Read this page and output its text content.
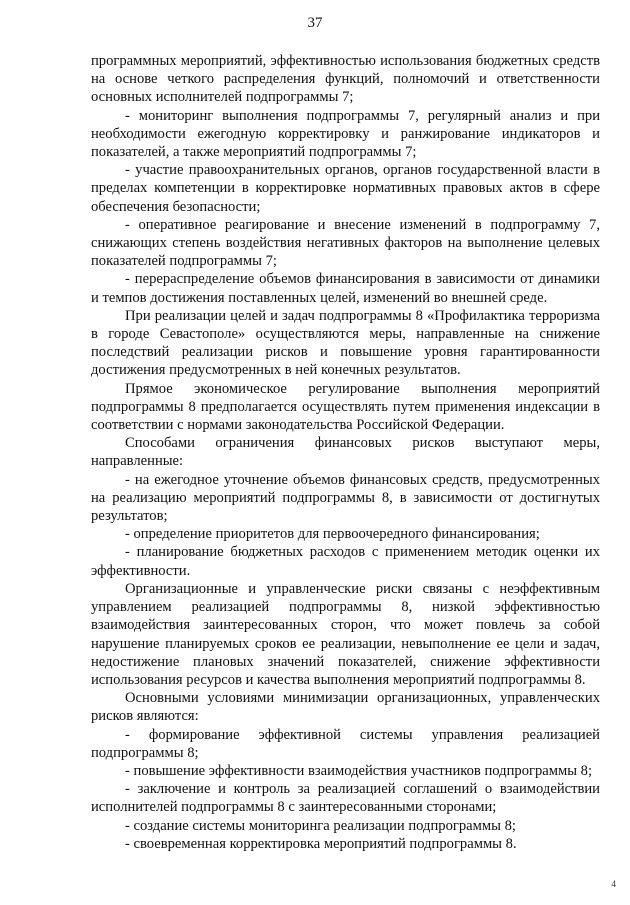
37

программных мероприятий, эффективностью использования бюджетных средств на основе четкого распределения функций, полномочий и ответственности основных исполнителей подпрограммы 7;

- мониторинг выполнения подпрограммы 7, регулярный анализ и при необходимости ежегодную корректировку и ранжирование индикаторов и показателей, а также мероприятий подпрограммы 7;

- участие правоохранительных органов, органов государственной власти в пределах компетенции в корректировке нормативных правовых актов в сфере обеспечения безопасности;

- оперативное реагирование и внесение изменений в подпрограмму 7, снижающих степень воздействия негативных факторов на выполнение целевых показателей подпрограммы 7;

- перераспределение объемов финансирования в зависимости от динамики и темпов достижения поставленных целей, изменений во внешней среде.

При реализации целей и задач подпрограммы 8 «Профилактика терроризма в городе Севастополе» осуществляются меры, направленные на снижение последствий реализации рисков и повышение уровня гарантированности достижения предусмотренных в ней конечных результатов.

Прямое экономическое регулирование выполнения мероприятий подпрограммы 8 предполагается осуществлять путем применения индексации в соответствии с нормами законодательства Российской Федерации.

Способами ограничения финансовых рисков выступают меры, направленные:

- на ежегодное уточнение объемов финансовых средств, предусмотренных на реализацию мероприятий подпрограммы 8, в зависимости от достигнутых результатов;

- определение приоритетов для первоочередного финансирования;

- планирование бюджетных расходов с применением методик оценки их эффективности.

Организационные и управленческие риски связаны с неэффективным управлением реализацией подпрограммы 8, низкой эффективностью взаимодействия заинтересованных сторон, что может повлечь за собой нарушение планируемых сроков ее реализации, невыполнение ее цели и задач, недостижение плановых значений показателей, снижение эффективности использования ресурсов и качества выполнения мероприятий подпрограммы 8.

Основными условиями минимизации организационных, управленческих рисков являются:

- формирование эффективной системы управления реализацией подпрограммы 8;

- повышение эффективности взаимодействия участников подпрограммы 8;

- заключение и контроль за реализацией соглашений о взаимодействии исполнителей подпрограммы 8 с заинтересованными сторонами;

- создание системы мониторинга реализации подпрограммы 8;

- своевременная корректировка мероприятий подпрограммы 8.

4
